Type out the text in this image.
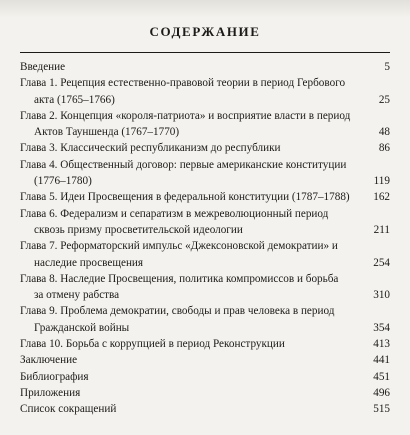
СОДЕРЖАНИЕ
Введение	5
Глава 1. Рецепция естественно-правовой теории в период Гербового
акта (1765–1766)	25
Глава 2. Концепция «короля-патриота» и восприятие власти в период
Актов Тауншенда (1767–1770)	48
Глава 3. Классический республиканизм до республики	86
Глава 4. Общественный договор: первые американские конституции
(1776–1780)	119
Глава 5. Идеи Просвещения в федеральной конституции (1787–1788)	162
Глава 6. Федерализм и сепаратизм в межреволюционный период
сквозь призму просветительской идеологии	211
Глава 7. Реформаторский импульс «Джексоновской демократии» и
наследие просвещения	254
Глава 8. Наследие Просвещения, политика компромиссов и борьба
за отмену рабства	310
Глава 9. Проблема демократии, свободы и прав человека в период
Гражданской войны	354
Глава 10. Борьба с коррупцией в период Реконструкции	413
Заключение	441
Библиография	451
Приложения	496
Список сокращений	515
